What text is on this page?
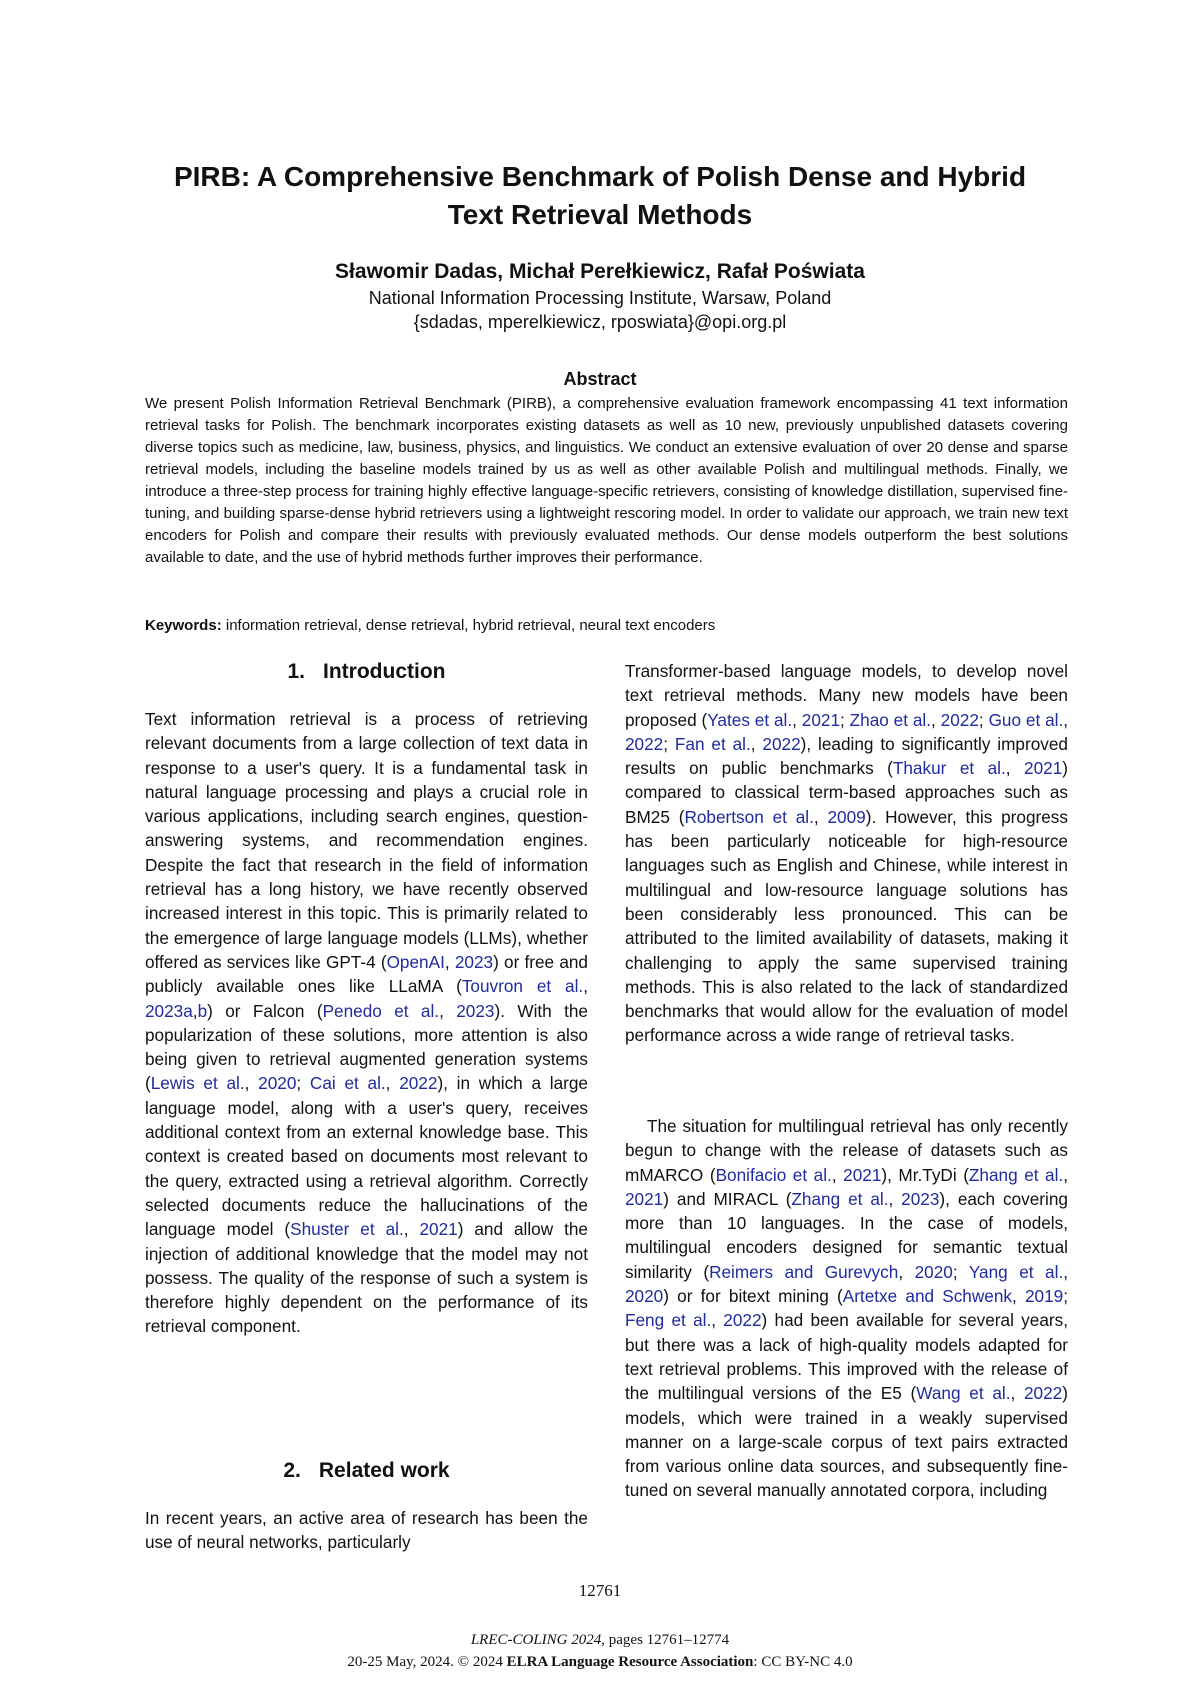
PIRB: A Comprehensive Benchmark of Polish Dense and Hybrid
Text Retrieval Methods
Sławomir Dadas, Michał Perełkiewicz, Rafał Poświata
National Information Processing Institute, Warsaw, Poland
{sdadas, mperelkiewicz, rposwiata}@opi.org.pl
Abstract
We present Polish Information Retrieval Benchmark (PIRB), a comprehensive evaluation framework encompassing 41 text information retrieval tasks for Polish. The benchmark incorporates existing datasets as well as 10 new, previously unpublished datasets covering diverse topics such as medicine, law, business, physics, and linguistics. We conduct an extensive evaluation of over 20 dense and sparse retrieval models, including the baseline models trained by us as well as other available Polish and multilingual methods. Finally, we introduce a three-step process for training highly effective language-specific retrievers, consisting of knowledge distillation, supervised fine-tuning, and building sparse-dense hybrid retrievers using a lightweight rescoring model. In order to validate our approach, we train new text encoders for Polish and compare their results with previously evaluated methods. Our dense models outperform the best solutions available to date, and the use of hybrid methods further improves their performance.
Keywords: information retrieval, dense retrieval, hybrid retrieval, neural text encoders
1. Introduction

Text information retrieval is a process of retrieving relevant documents from a large collection of text data in response to a user's query. It is a fundamental task in natural language processing and plays a crucial role in various applications, including search engines, question-answering systems, and recommendation engines. Despite the fact that research in the field of information retrieval has a long history, we have recently observed increased interest in this topic. This is primarily related to the emergence of large language models (LLMs), whether offered as services like GPT-4 (OpenAI, 2023) or free and publicly available ones like LLaMA (Touvron et al., 2023a,b) or Falcon (Penedo et al., 2023). With the popularization of these solutions, more attention is also being given to retrieval augmented generation systems (Lewis et al., 2020; Cai et al., 2022), in which a large language model, along with a user's query, receives additional context from an external knowledge base. This context is created based on documents most relevant to the query, extracted using a retrieval algorithm. Correctly selected documents reduce the hallucinations of the language model (Shuster et al., 2021) and allow the injection of additional knowledge that the model may not possess. The quality of the response of such a system is therefore highly dependent on the performance of its retrieval component.

2. Related work

In recent years, an active area of research has been the use of neural networks, particularly

Transformer-based language models, to develop novel text retrieval methods. Many new models have been proposed (Yates et al., 2021; Zhao et al., 2022; Guo et al., 2022; Fan et al., 2022), leading to significantly improved results on public benchmarks (Thakur et al., 2021) compared to classical term-based approaches such as BM25 (Robertson et al., 2009). However, this progress has been particularly noticeable for high-resource languages such as English and Chinese, while interest in multilingual and low-resource language solutions has been considerably less pronounced. This can be attributed to the limited availability of datasets, making it challenging to apply the same supervised training methods. This is also related to the lack of standardized benchmarks that would allow for the evaluation of model performance across a wide range of retrieval tasks.

The situation for multilingual retrieval has only recently begun to change with the release of datasets such as mMARCO (Bonifacio et al., 2021), Mr.TyDi (Zhang et al., 2021) and MIRACL (Zhang et al., 2023), each covering more than 10 languages. In the case of models, multilingual encoders designed for semantic textual similarity (Reimers and Gurevych, 2020; Yang et al., 2020) or for bitext mining (Artetxe and Schwenk, 2019; Feng et al., 2022) had been available for several years, but there was a lack of high-quality models adapted for text retrieval problems. This improved with the release of the multilingual versions of the E5 (Wang et al., 2022) models, which were trained in a weakly supervised manner on a large-scale corpus of text pairs extracted from various online data sources, and subsequently fine-tuned on several manually annotated corpora, including

12761
LREC-COLING 2024, pages 12761–12774
20-25 May, 2024. © 2024 ELRA Language Resource Association: CC BY-NC 4.0
